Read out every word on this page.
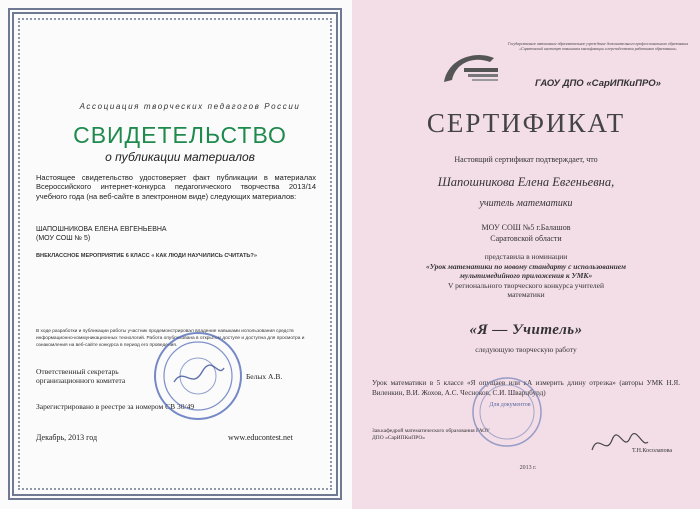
Ассоциация творческих педагогов России
СВИДЕТЕЛЬСТВО
о публикации материалов
Настоящее свидетельство удостоверяет факт публикации в материалах Всероссийского интернет-конкурса педагогического творчества 2013/14 учебного года (на веб-сайте в электронном виде) следующих материалов:
ШАПОШНИКОВА ЕЛЕНА ЕВГЕНЬЕВНА
(МОУ СОШ № 5)
ВНЕКЛАССНОЕ МЕРОПРИЯТИЕ 6 КЛАСС « КАК ЛЮДИ НАУЧИЛИСЬ СЧИТАТЬ?»
В ходе разработки и публикации работы участник продемонстрировал владение навыками использования средств информационно-коммуникационных технологий. Работа опубликована в открытом доступе и доступна для просмотра и ознакомления на веб-сайте конкурса в период его проведения.
Ответственный секретарь организационного комитета	Белых А.В.
Зарегистрировано в реестре за номером СВ 30/49
Декабрь, 2013 год	www.educontest.net
Государственное автономное образовательное учреждение дополнительного профессионального образования «Саратовский институт повышения квалификации и переподготовки работников образования»
ГАОУ ДПО «СарИПКиПРО»
СЕРТИФИКАТ
Настоящий сертификат подтверждает, что
Шапошникова Елена Евгеньевна,
учитель математики
МОУ СОШ №5 г.Балашов
Саратовской области
представила в номинации
«Урок математики по новому стандарту с использованием мультимедийного приложения к УМК»
V регионального творческого конкурса учителей математики
«Я — Учитель»
следующую творческую работу
Урок математики в 5 классе «Я опущаев или кА измерить длину отрезка» (авторы УМК Н.Я. Виленкин, В.И. Жохов, А.С. Чесноков, С.И. Шварцбурд)
Зав.кафедрой математического образования ГАОУ ДПО «СарИПКиПРО»
Т.Н.Косолапова
2013 г.
Для документов
